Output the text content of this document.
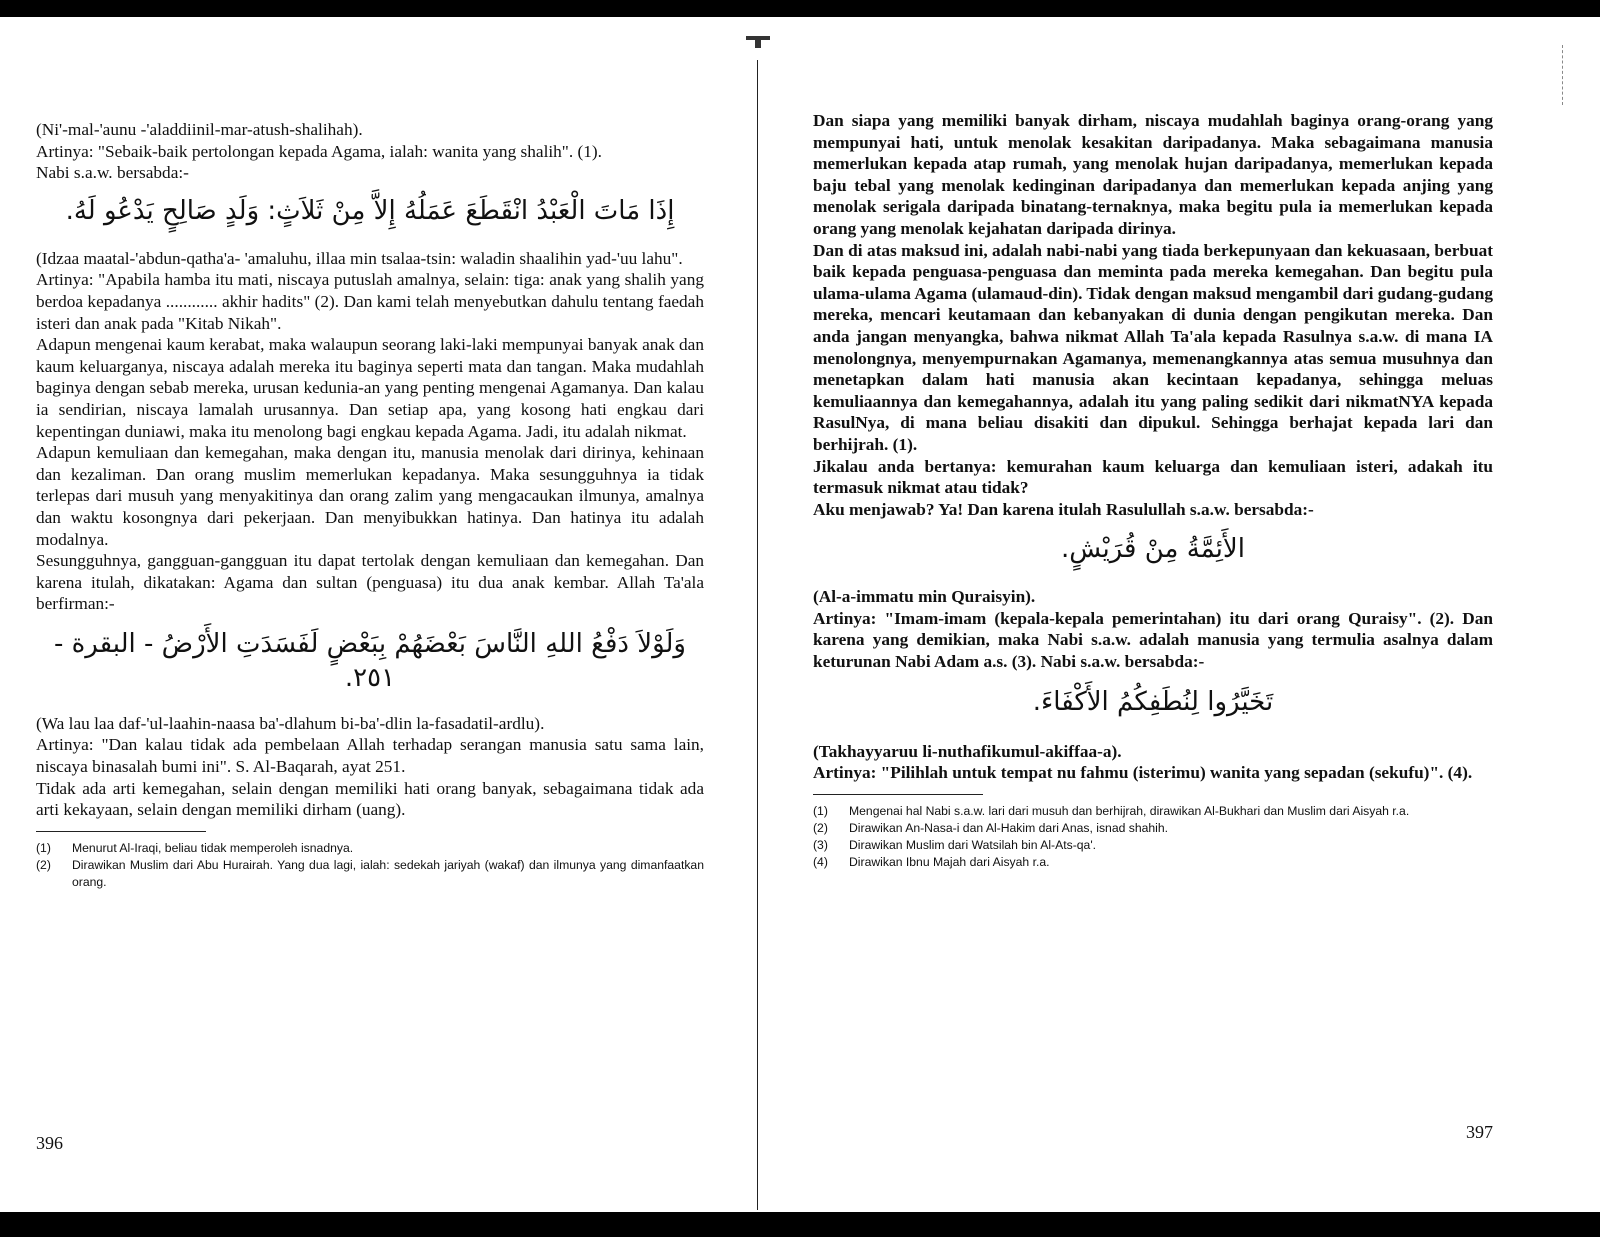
(Ni'-mal-'aunu -'aladdiinil-mar-atush-shalihah).

Artinya: "Sebaik-baik pertolongan kepada Agama, ialah: wanita yang shalih". (1).

Nabi s.a.w. bersabda:-

إِذَا مَاتَ الْعَبْدُ انْقَطَعَ عَمَلُهُ إِلاَّ مِنْ ثَلاَثٍ: وَلَدٍ صَالِحٍ يَدْعُو لَهُ.

(Idzaa maatal-'abdun-qatha'a- 'amaluhu, illaa min tsalaa-tsin: waladin shaalihin yad-'uu lahu".

Artinya: "Apabila hamba itu mati, niscaya putuslah amalnya, selain: tiga: anak yang shalih yang berdoa kepadanya ............ akhir hadits" (2). Dan kami telah menyebutkan dahulu tentang faedah isteri dan anak pada "Kitab Nikah".

Adapun mengenai kaum kerabat, maka walaupun seorang laki-laki mempunyai banyak anak dan kaum keluarganya, niscaya adalah mereka itu baginya seperti mata dan tangan. Maka mudahlah baginya dengan sebab mereka, urusan kedunia-an yang penting mengenai Agamanya. Dan kalau ia sendirian, niscaya lamalah urusannya. Dan setiap apa, yang kosong hati engkau dari kepentingan duniawi, maka itu menolong bagi engkau kepada Agama. Jadi, itu adalah nikmat.

Adapun kemuliaan dan kemegahan, maka dengan itu, manusia menolak dari dirinya, kehinaan dan kezaliman. Dan orang muslim memerlukan kepadanya. Maka sesungguhnya ia tidak terlepas dari musuh yang menyakitinya dan orang zalim yang mengacaukan ilmunya, amalnya dan waktu kosongnya dari pekerjaan. Dan menyibukkan hatinya. Dan hatinya itu adalah modalnya.

Sesungguhnya, gangguan-gangguan itu dapat tertolak dengan kemuliaan dan kemegahan. Dan karena itulah, dikatakan: Agama dan sultan (penguasa) itu dua anak kembar. Allah Ta'ala berfirman:-

وَلَوْلاَ دَفْعُ اللهِ النَّاسَ بَعْضَهُمْ بِبَعْضٍ لَفَسَدَتِ الأَرْضُ - البقرة - ٢٥١.

(Wa lau laa daf-'ul-laahin-naasa ba'-dlahum bi-ba'-dlin la-fasadatil-ardlu).

Artinya: "Dan kalau tidak ada pembelaan Allah terhadap serangan manusia satu sama lain, niscaya binasalah bumi ini". S. Al-Baqarah, ayat 251.

Tidak ada arti kemegahan, selain dengan memiliki hati orang banyak, sebagaimana tidak ada arti kekayaan, selain dengan memiliki dirham (uang).

(1)	Menurut Al-Iraqi, beliau tidak memperoleh isnadnya.
(2)	Dirawikan Muslim dari Abu Hurairah. Yang dua lagi, ialah: sedekah jariyah (wakaf) dan ilmunya yang dimanfaatkan orang.
396

Dan siapa yang memiliki banyak dirham, niscaya mudahlah baginya orang-orang yang mempunyai hati, untuk menolak kesakitan daripadanya. Maka sebagaimana manusia memerlukan kepada atap rumah, yang menolak hujan daripadanya, memerlukan kepada baju tebal yang menolak kedinginan daripadanya dan memerlukan kepada anjing yang menolak serigala daripada binatang-ternaknya, maka begitu pula ia memerlukan kepada orang yang menolak kejahatan daripada dirinya.

Dan di atas maksud ini, adalah nabi-nabi yang tiada berkepunyaan dan kekuasaan, berbuat baik kepada penguasa-penguasa dan meminta pada mereka kemegahan. Dan begitu pula ulama-ulama Agama (ulamaud-din). Tidak dengan maksud mengambil dari gudang-gudang mereka, mencari keutamaan dan kebanyakan di dunia dengan pengikutan mereka. Dan anda jangan menyangka, bahwa nikmat Allah Ta'ala kepada Rasulnya s.a.w. di mana IA menolongnya, menyempurnakan Agamanya, memenangkannya atas semua musuhnya dan menetapkan dalam hati manusia akan kecintaan kepadanya, sehingga meluas kemuliaannya dan kemegahannya, adalah itu yang paling sedikit dari nikmatNYA kepada RasulNya, di mana beliau disakiti dan dipukul. Sehingga berhajat kepada lari dan berhijrah. (1).

Jikalau anda bertanya: kemurahan kaum keluarga dan kemuliaan isteri, adakah itu termasuk nikmat atau tidak?

Aku menjawab? Ya! Dan karena itulah Rasulullah s.a.w. bersabda:-

الأَئِمَّةُ مِنْ قُرَيْشٍ.

(Al-a-immatu min Quraisyin).

Artinya: "Imam-imam (kepala-kepala pemerintahan) itu dari orang Quraisy". (2). Dan karena yang demikian, maka Nabi s.a.w. adalah manusia yang termulia asalnya dalam keturunan Nabi Adam a.s. (3). Nabi s.a.w. bersabda:-

تَخَيَّرُوا لِنُطَفِكُمُ الأَكْفَاءَ.

(Takhayyaruu li-nuthafikumul-akiffaa-a).

Artinya: "Pilihlah untuk tempat nu fahmu (isterimu) wanita yang sepadan (sekufu)". (4).

(1)	Mengenai hal Nabi s.a.w. lari dari musuh dan berhijrah, dirawikan Al-Bukhari dan Muslim dari Aisyah r.a.
(2)	Dirawikan An-Nasa-i dan Al-Hakim dari Anas, isnad shahih.
(3)	Dirawikan Muslim dari Watsilah bin Al-Ats-qa'.
(4)	Dirawikan Ibnu Majah dari Aisyah r.a.
397
